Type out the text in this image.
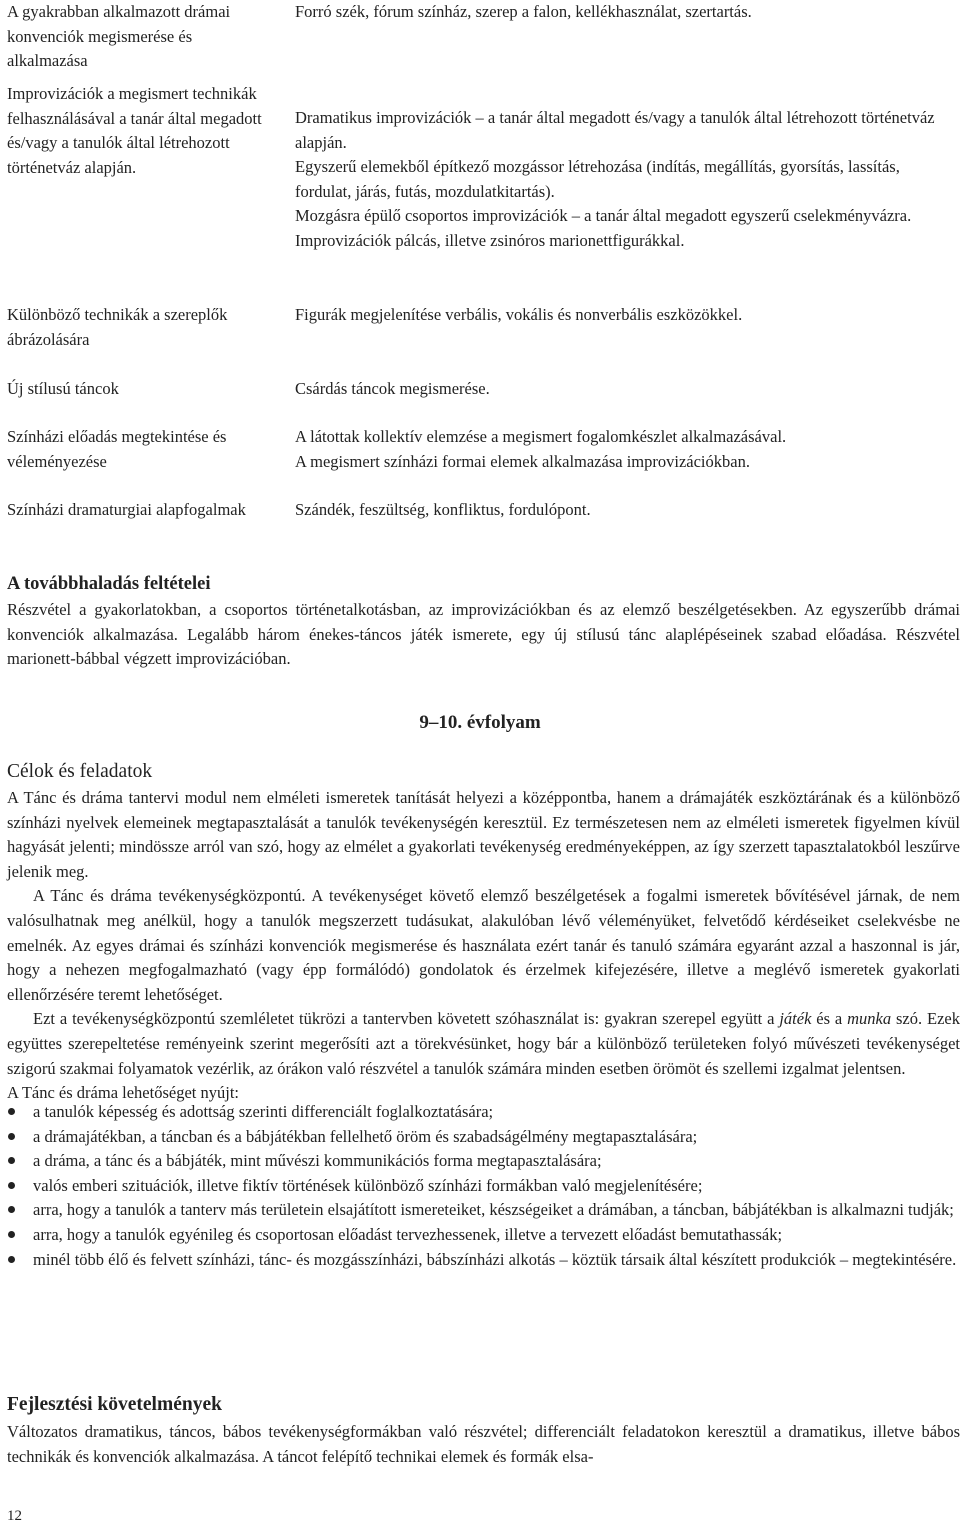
A gyakrabban alkalmazott drámai konvenciók megismerése és alkalmazása
Forró szék, fórum színház, szerep a falon, kellékhasználat, szertartás.
Improvizációk a megismert technikák felhasználásával a tanár által megadott és/vagy a tanulók által létrehozott történetváz alapján.
Dramatikus improvizációk – a tanár által megadott és/vagy a tanulók által létrehozott történetváz alapján.
Egyszerű elemekből építkező mozgássor létrehozása (indítás, megállítás, gyorsítás, lassítás, fordulat, járás, futás, mozdulatkitartás).
Mozgásra épülő csoportos improvizációk – a tanár által megadott egyszerű cselekményvázra.
Improvizációk pálcás, illetve zsinóros marionettfigurákkal.
Különböző technikák a szereplők ábrázolására
Figurák megjelenítése verbális, vokális és nonverbális eszközökkel.
Új stílusú táncok	Csárdás táncok megismerése.
Színházi előadás megtekintése és véleményezése
A látottak kollektív elemzése a megismert fogalomkészlet alkalmazásával.
A megismert színházi formai elemek alkalmazása improvizációkban.
Színházi dramaturgiai alapfogalmak	Szándék, feszültség, konfliktus, fordulópont.
A továbbhaladás feltételei
Részvétel a gyakorlatokban, a csoportos történetalkotásban, az improvizációkban és az elemző beszélgetésekben. Az egyszerűbb drámai konvenciók alkalmazása. Legalább három énekes-táncos játék ismerete, egy új stílusú tánc alaplépéseinek szabad előadása. Részvétel marionett-bábbal végzett improvizációban.
9–10. évfolyam
Célok és feladatok

A Tánc és dráma tantervi modul nem elméleti ismeretek tanítását helyezi a középpontba, hanem a drámajáték eszköztárának és a különböző színházi nyelvek elemeinek megtapasztalását a tanulók tevékenységén keresztül. Ez természetesen nem az elméleti ismeretek figyelmen kívül hagyását jelenti; mindössze arról van szó, hogy az elmélet a gyakorlati tevékenység eredményeképpen, az így szerzett tapasztalatokból leszűrve jelenik meg.

A Tánc és dráma tevékenységközpontú. A tevékenységet követő elemző beszélgetések a fogalmi ismeretek bővítésével járnak, de nem valósulhatnak meg anélkül, hogy a tanulók megszerzett tudásukat, alakulóban lévő véleményüket, felvetődő kérdéseiket cselekvésbe ne emelnék. Az egyes drámai és színházi konvenciók megismerése és használata ezért tanár és tanuló számára egyaránt azzal a haszonnal is jár, hogy a nehezen megfogalmazható (vagy épp formálódó) gondolatok és érzelmek kifejezésére, illetve a meglévő ismeretek gyakorlati ellenőrzésére teremt lehetőséget.

Ezt a tevékenységközpontú szemléletet tükrözi a tantervben követett szóhasználat is: gyakran szerepel együtt a játék és a munka szó. Ezek együttes szerepeltetése reményeink szerint megerősíti azt a törekvésünket, hogy bár a különböző területeken folyó művészeti tevékenységet szigorú szakmai folyamatok vezérlik, az órákon való részvétel a tanulók számára minden esetben örömöt és szellemi izgalmat jelentsen.

A Tánc és dráma lehetőséget nyújt:

a tanulók képesség és adottság szerinti differenciált foglalkoztatására;
a drámajátékban, a táncban és a bábjátékban fellelhető öröm és szabadságélmény megtapasztalására;
a dráma, a tánc és a bábjáték, mint művészi kommunikációs forma megtapasztalására;
valós emberi szituációk, illetve fiktív történések különböző színházi formákban való megjelenítésére;
arra, hogy a tanulók a tanterv más területein elsajátított ismereteiket, készségeiket a drámában, a táncban, bábjátékban is alkalmazni tudják;
arra, hogy a tanulók egyénileg és csoportosan előadást tervezhessenek, illetve a tervezett előadást bemutathassák;
minél több élő és felvett színházi, tánc- és mozgásszínházi, bábszínházi alkotás – köztük társaik által készített produkciók – megtekintésére.
Fejlesztési követelmények
Változatos dramatikus, táncos, bábos tevékenységformákban való részvétel; differenciált feladatokon keresztül a dramatikus, illetve bábos technikák és konvenciók alkalmazása. A táncot felépítő technikai elemek és formák elsa-
12
